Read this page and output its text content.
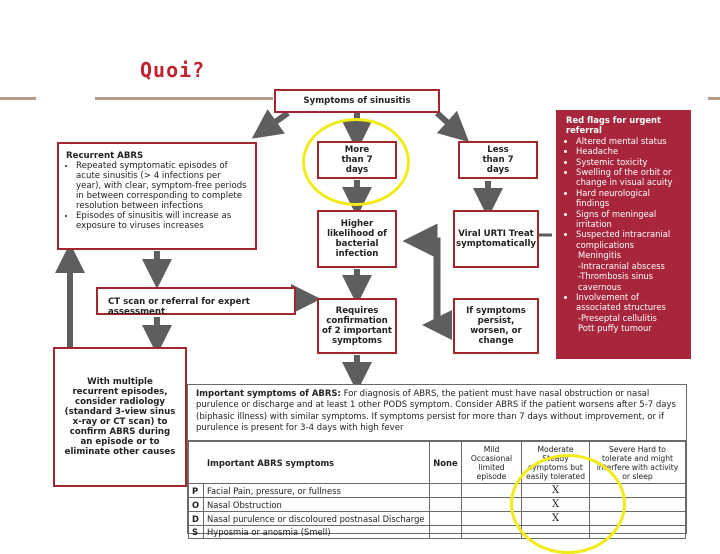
Quoi?
Symptoms of sinusitis
Recurrent ABRS
• Repeated symptomatic episodes of acute sinusitis (> 4 infections per year), with clear, symptom-free periods in between corresponding to complete resolution between infections
• Episodes of sinusitis will increase as exposure to viruses increases
More than 7 days
Less than 7 days
Higher likelihood of bacterial infection
Viral URTI Treat symptomatically
Requires confirmation of 2 important symptoms
If symptoms persist, worsen, or change
CT scan or referral for expert assessment
With multiple recurrent episodes, consider radiology (standard 3-view sinus x-ray or CT scan) to confirm ABRS during an episode or to eliminate other causes
Red flags for urgent referral
• Altered mental status
• Headache
• Systemic toxicity
• Swelling of the orbit or change in visual acuity
• Hard neurological findings
• Signs of meningeal irritation
• Suspected intracranial complications
Meningitis
-Intracranial abscess
-Thrombosis sinus cavernous
• Involvement of associated structures
-Preseptal cellulitis
Pott puffy tumour
Important symptoms of ABRS: For diagnosis of ABRS, the patient must have nasal obstruction or nasal purulence or discharge and at least 1 other PODS symptom. Consider ABRS if the patient worsens after 5-7 days (biphasic illness) with similar symptoms. If symptoms persist for more than 7 days without improvement, or if purulence is present for 3-4 days with high fever
Important ABRS symptoms		None	Mild Occasional limited episode	Moderate Steady symptoms but easily tolerated	Severe Hard to tolerate and might interfere with activity or sleep
P	Facial Pain, pressure, or fullness			X	
O	Nasal Obstruction			X	
D	Nasal purulence or discoloured postnasal Discharge			X	
S	Hyposmia or anosmia (Smell)				
